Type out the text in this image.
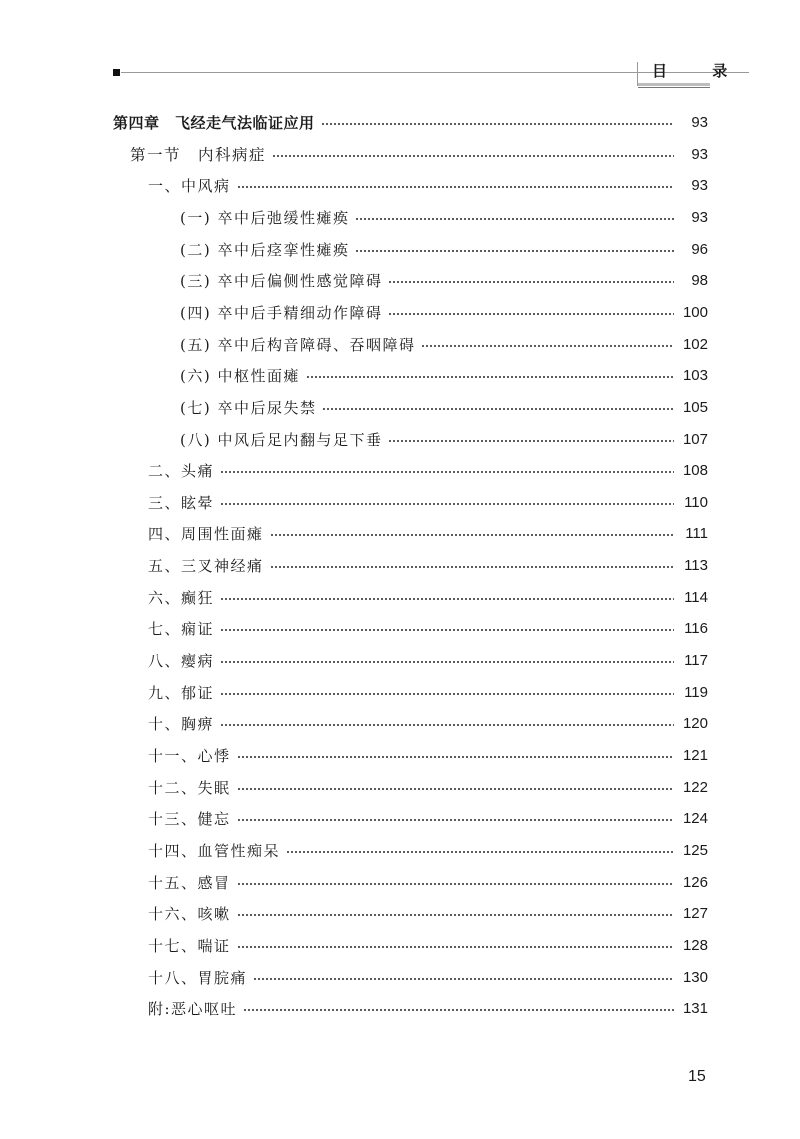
目 录
第四章　飞经走气法临证应用	93
第一节　内科病症	93
一、中风病	93
(一) 卒中后弛缓性瘫痪	93
(二) 卒中后痉挛性瘫痪	96
(三) 卒中后偏侧性感觉障碍	98
(四) 卒中后手精细动作障碍	100
(五) 卒中后构音障碍、吞咽障碍	102
(六) 中枢性面瘫	103
(七) 卒中后尿失禁	105
(八) 中风后足内翻与足下垂	107
二、头痛	108
三、眩晕	110
四、周围性面瘫	111
五、三叉神经痛	113
六、癫狂	114
七、痫证	116
八、瘿病	117
九、郁证	119
十、胸痹	120
十一、心悸	121
十二、失眠	122
十三、健忘	124
十四、血管性痴呆	125
十五、感冒	126
十六、咳嗽	127
十七、喘证	128
十八、胃脘痛	130
附:恶心呕吐	131
15
